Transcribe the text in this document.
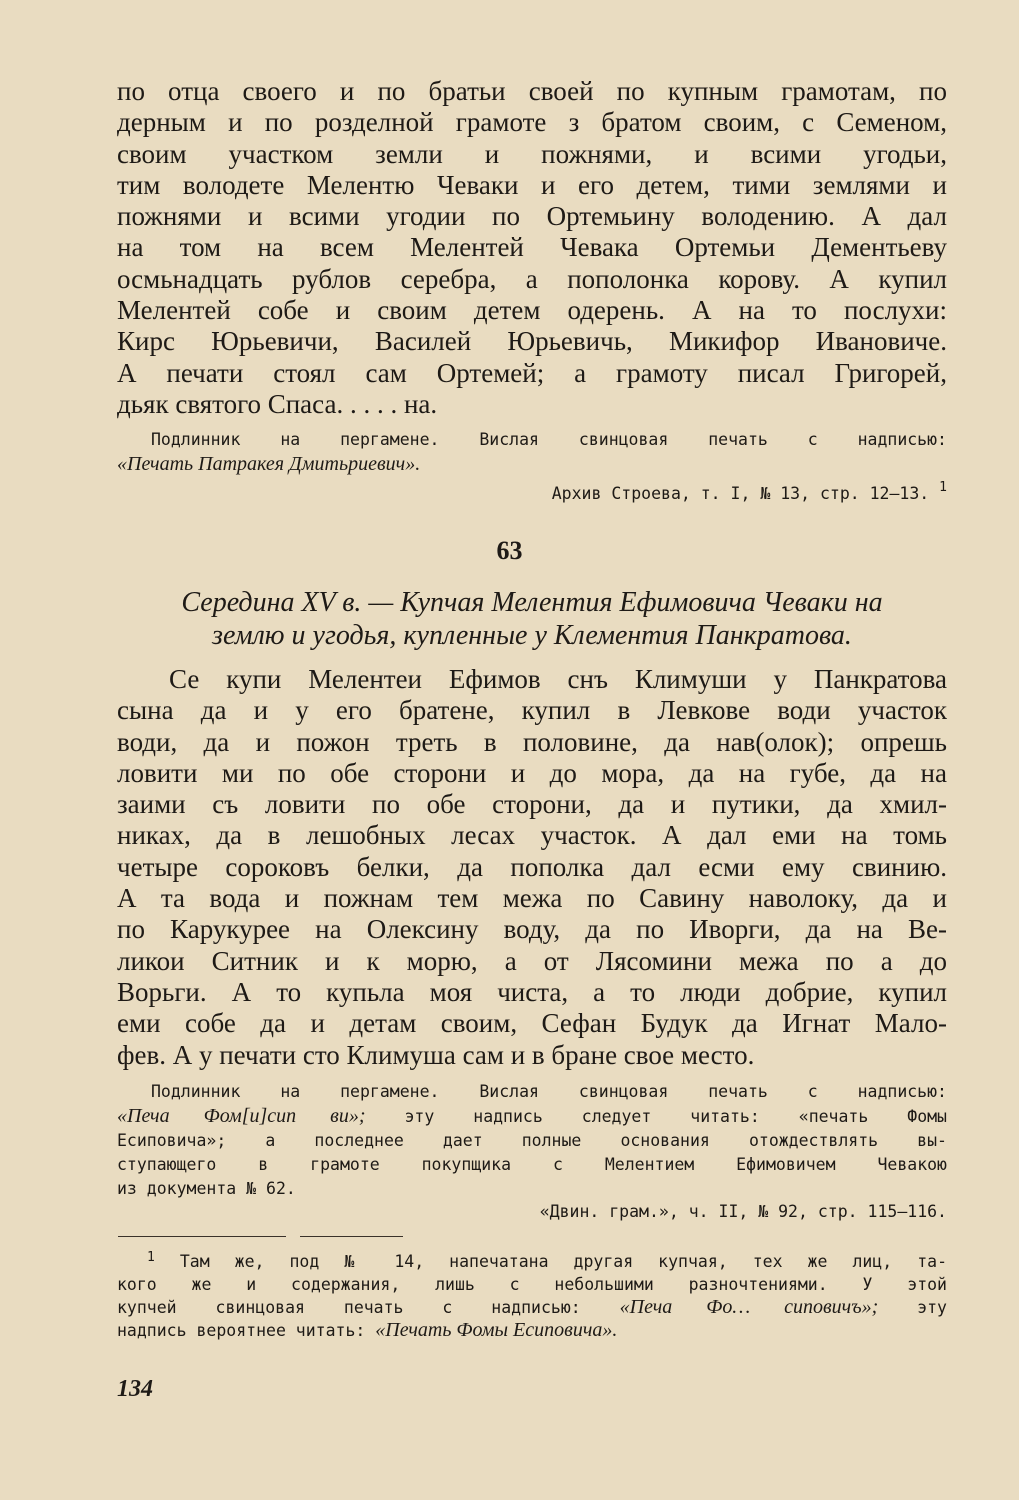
по отца своего и по братьи своей по купным грамотам, по
дерным и по розделной грамоте з братом своим, с Семеном,
своим участком земли и пожнями, и всими угодьи,
тим володете Мелентю Чеваки и его детем, тими землями и
пожнями и всими угодии по Ортемьину володению. А дал
на том на всем Мелентей Чевака Ортемьи Дементьеву
осмьнадцать рублов серебра, а пополонка корову. А купил
Мелентей собе и своим детем одерень. А на то послухи:
Кирс Юрьевичи, Василей Юрьевичь, Микифор Ивановиче.
А печати стоял сам Ортемей; а грамоту писал Григорей,
дьяк святого Спаса. . . . . на.
Подлинник на пергамене. Вислая свинцовая печать с надписью:
«Печать Патракея Дмитьриевич».
Архив Строева, т. I, № 13, стр. 12—13. $^1$
63
Середина XV в. — Купчая Мелентия Ефимовича Чеваки на
землю и угодья, купленные у Клементия Панкратова.
Се купи Мелентеи Ефимов снъ Климуши у Панкратова
сына да и у его братене, купил в Левкове води участок
води, да и пожон треть в половине, да нав(олок); опрешь
ловити ми по обе сторони и до мора, да на губе, да на
заими съ ловити по обе сторони, да и путики, да хмил-
никах, да в лешобных лесах участок. А дал еми на томь
четыре сороковъ белки, да пополка дал есми ему свинию.
А та вода и пожнам тем межа по Савину наволоку, да и
по Карукурее на Олексину воду, да по Иворги, да на Ве-
ликои Ситник и к морю, а от Лясомини межа по а до
Ворьги. А то купьла моя чиста, а то люди добрие, купил
еми собе да и детам своим, Сефан Будук да Игнат Мало-
фев. А у печати сто Климуша сам и в бране свое место.
Подлинник на пергамене. Вислая свинцовая печать с надписью:
«Печа Фом[и]сип ви»; эту надпись следует читать: «печать Фомы
Есиповича»; а последнее дает полные основания отождествлять вы-
ступающего в грамоте покупщика с Мелентием Ефимовичем Чевакою
из документа № 62.
«Двин. грам.», ч. II, № 92, стр. 115—116.
$^1$ Там же, под № 14, напечатана другая купчая, тех же лиц, та-
кого же и содержания, лишь с небольшими разночтениями. У этой
купчей свинцовая печать с надписью: «Печа Фо… сиповичъ»; эту
надпись вероятнее читать: «Печать Фомы Есиповича».
134
